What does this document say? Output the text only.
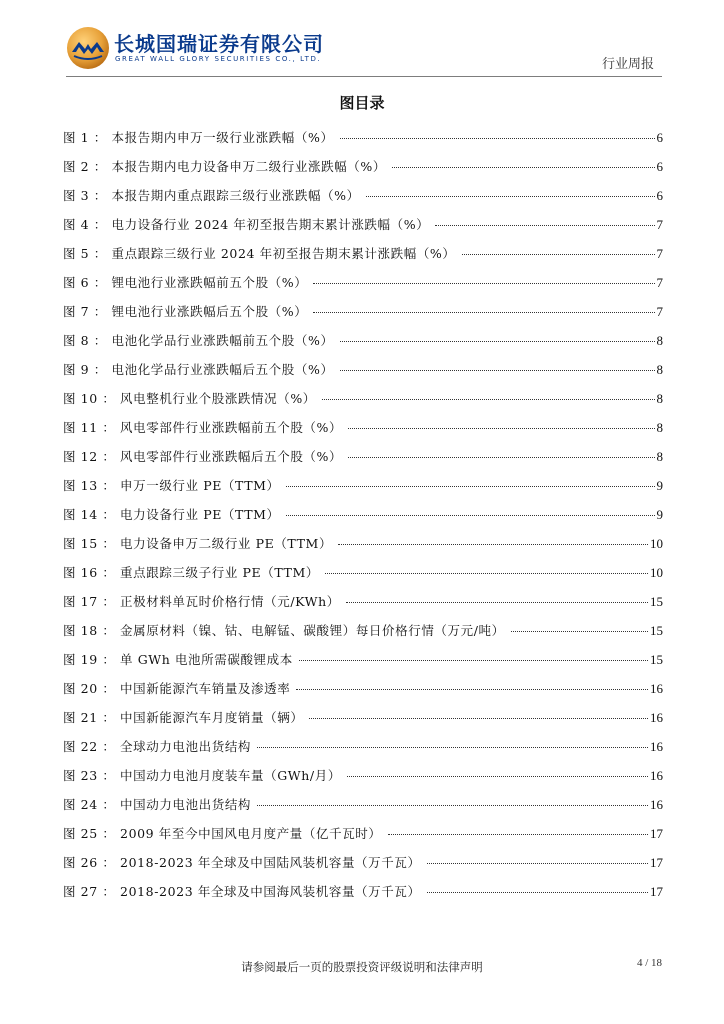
长城国瑞证券有限公司
GREAT WALL GLORY SECURITIES CO., LTD.	行业周报
图目录
图 1 ： 本报告期内申万一级行业涨跌幅（%）	6
图 2 ： 本报告期内电力设备申万二级行业涨跌幅（%）	6
图 3 ： 本报告期内重点跟踪三级行业涨跌幅（%）	6
图 4 ： 电力设备行业 2024 年初至报告期末累计涨跌幅（%）	7
图 5 ： 重点跟踪三级行业 2024 年初至报告期末累计涨跌幅（%）	7
图 6 ： 锂电池行业涨跌幅前五个股（%）	7
图 7 ： 锂电池行业涨跌幅后五个股（%）	7
图 8 ： 电池化学品行业涨跌幅前五个股（%）	8
图 9 ： 电池化学品行业涨跌幅后五个股（%）	8
图 10 ： 风电整机行业个股涨跌情况（%）	8
图 11 ： 风电零部件行业涨跌幅前五个股（%）	8
图 12 ： 风电零部件行业涨跌幅后五个股（%）	8
图 13 ： 申万一级行业 PE（TTM）	9
图 14 ： 电力设备行业 PE（TTM）	9
图 15 ： 电力设备申万二级行业 PE（TTM）	10
图 16 ： 重点跟踪三级子行业 PE（TTM）	10
图 17 ： 正极材料单瓦时价格行情（元/KWh）	15
图 18 ： 金属原材料（镍、钴、电解锰、碳酸锂）每日价格行情（万元/吨）	15
图 19 ： 单 GWh 电池所需碳酸锂成本	15
图 20 ： 中国新能源汽车销量及渗透率	16
图 21 ： 中国新能源汽车月度销量（辆）	16
图 22 ： 全球动力电池出货结构	16
图 23 ： 中国动力电池月度装车量（GWh/月）	16
图 24 ： 中国动力电池出货结构	16
图 25 ： 2009 年至今中国风电月度产量（亿千瓦时）	17
图 26 ： 2018-2023 年全球及中国陆风装机容量（万千瓦）	17
图 27 ： 2018-2023 年全球及中国海风装机容量（万千瓦）	17
请参阅最后一页的股票投资评级说明和法律声明	4 / 18
